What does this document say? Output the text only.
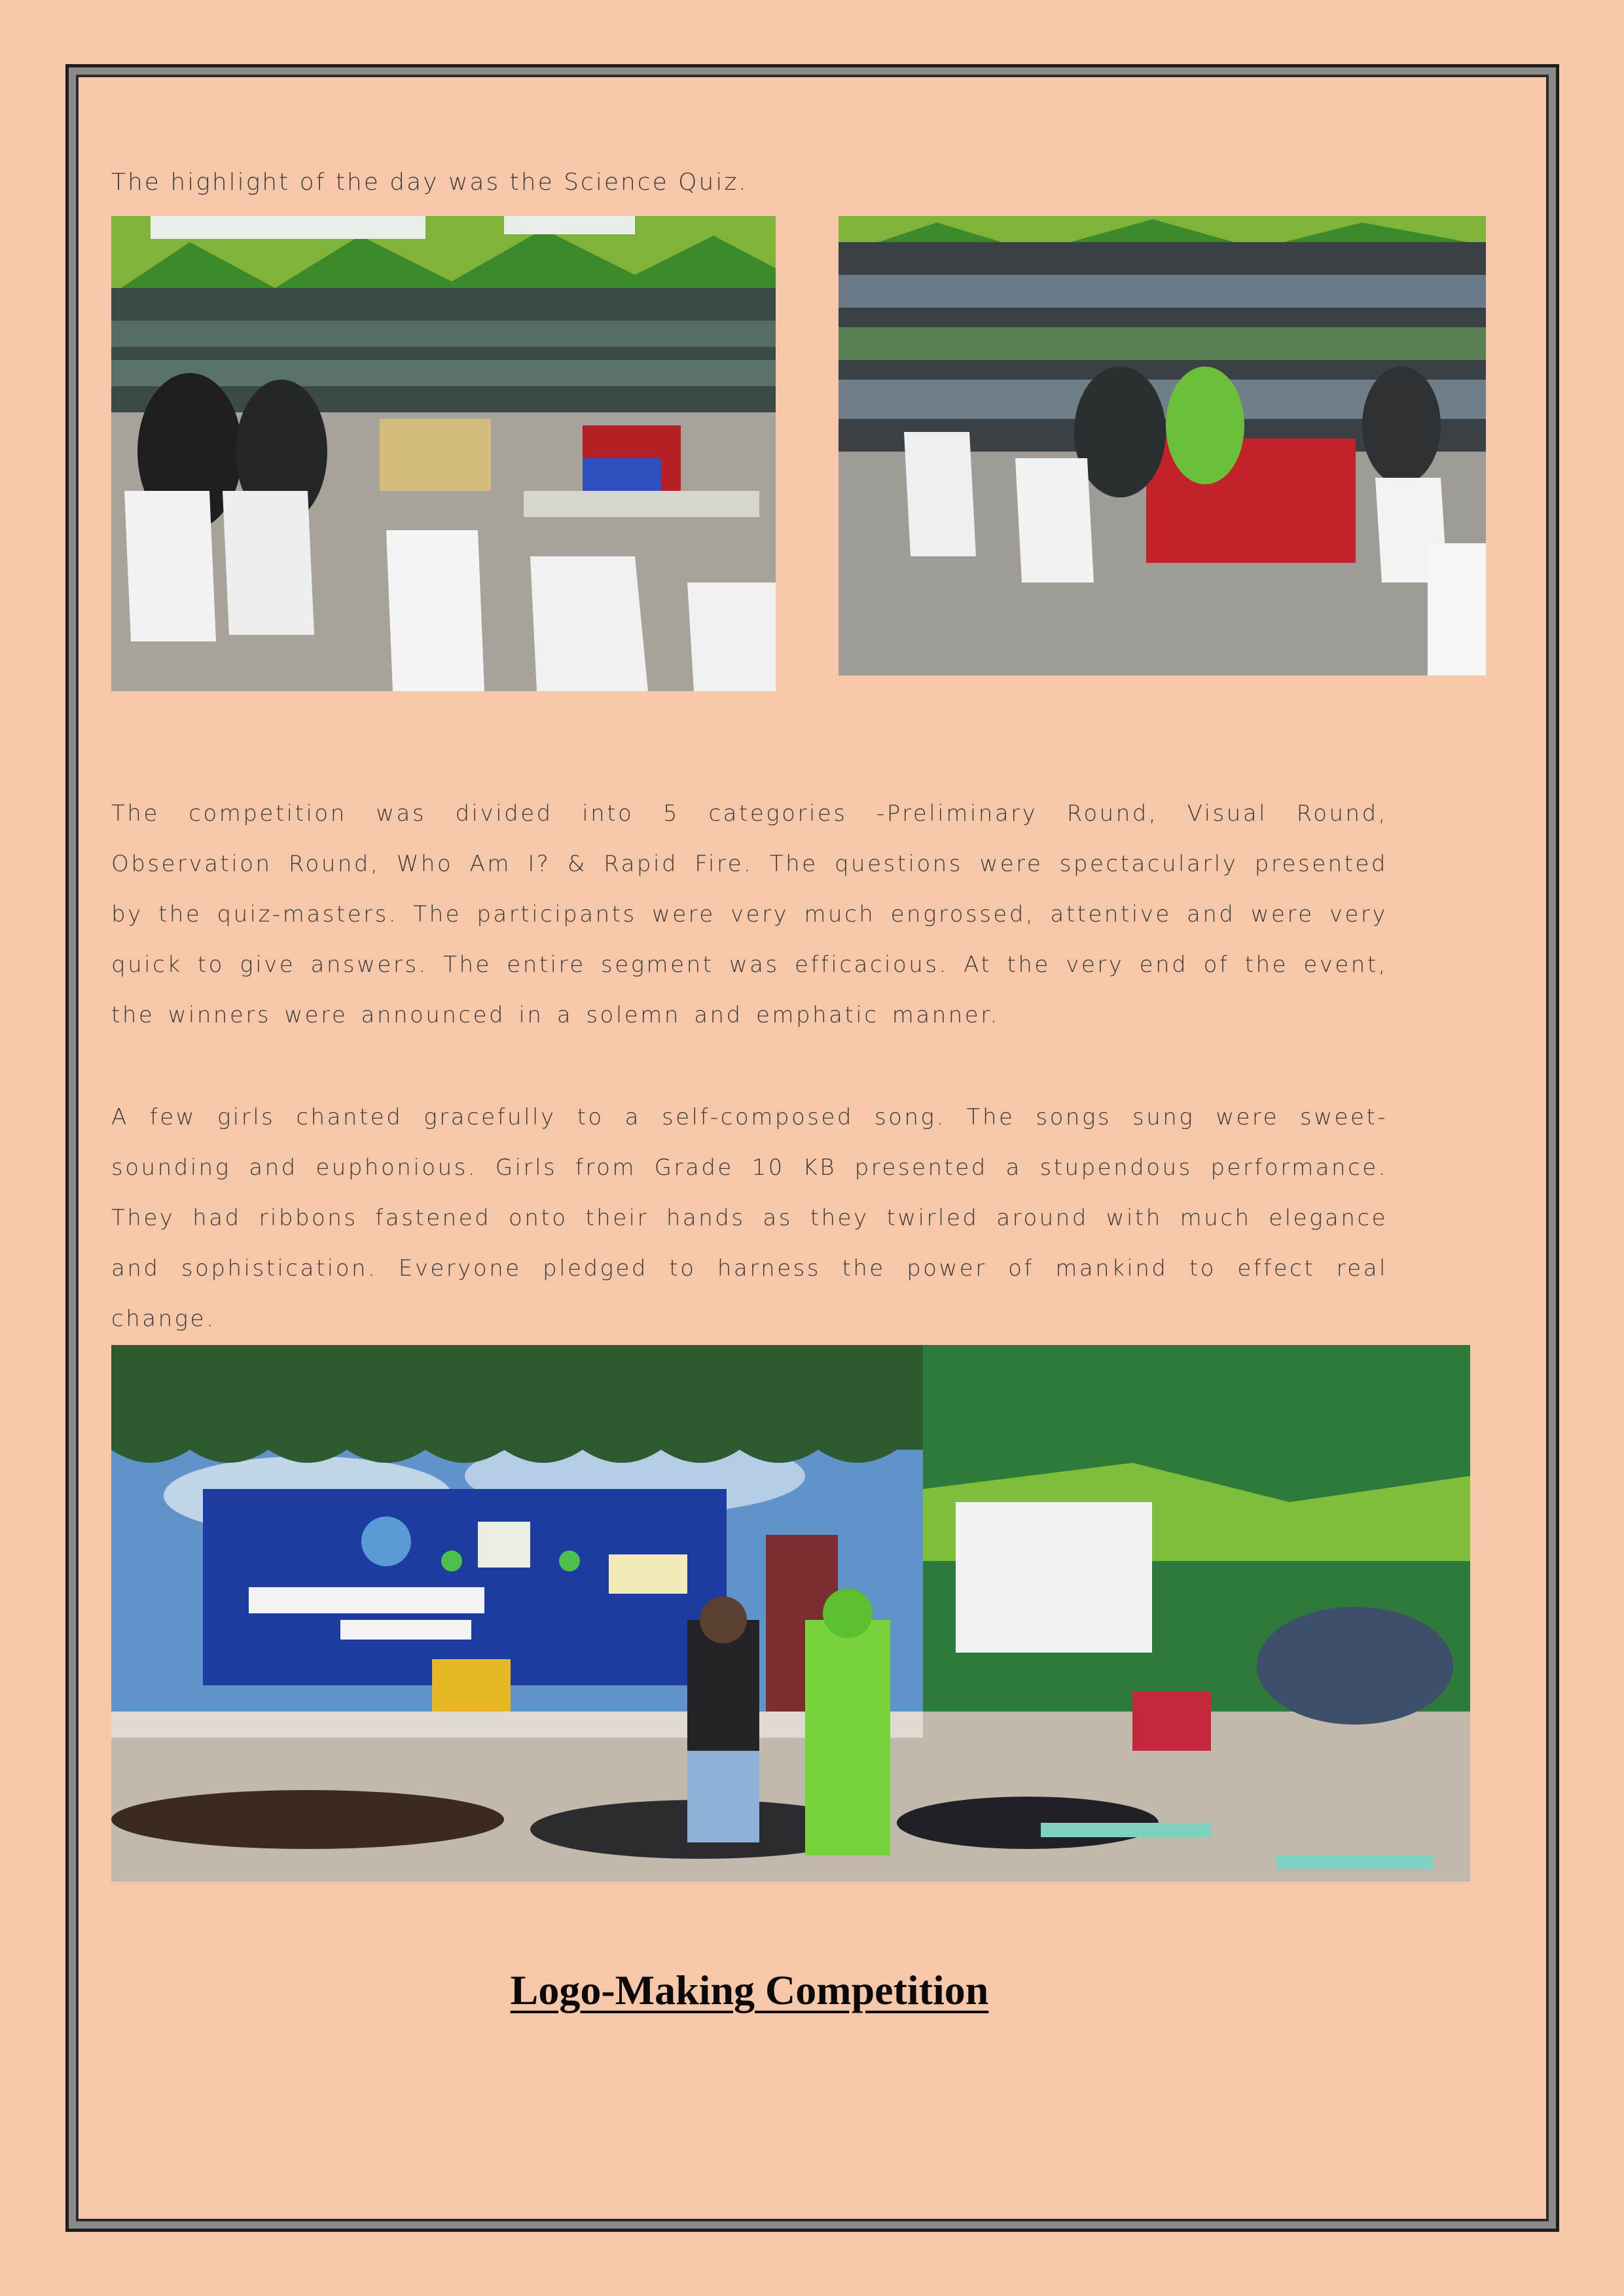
The highlight of the day was the Science Quiz.
The competition was divided into 5 categories -Preliminary Round, Visual Round, Observation Round, Who Am I? & Rapid Fire. The questions were spectacularly presented by the quiz-masters. The participants were very much engrossed, attentive and were very quick to give answers. The entire segment was efficacious. At the very end of the event, the winners were announced in a solemn and emphatic manner.
A few girls chanted gracefully to a self-composed song. The songs sung were sweet-sounding and euphonious. Girls from Grade 10 KB presented a stupendous performance. They had ribbons fastened onto their hands as they twirled around with much elegance and sophistication. Everyone pledged to harness the power of mankind to effect real change.
Logo-Making Competition
